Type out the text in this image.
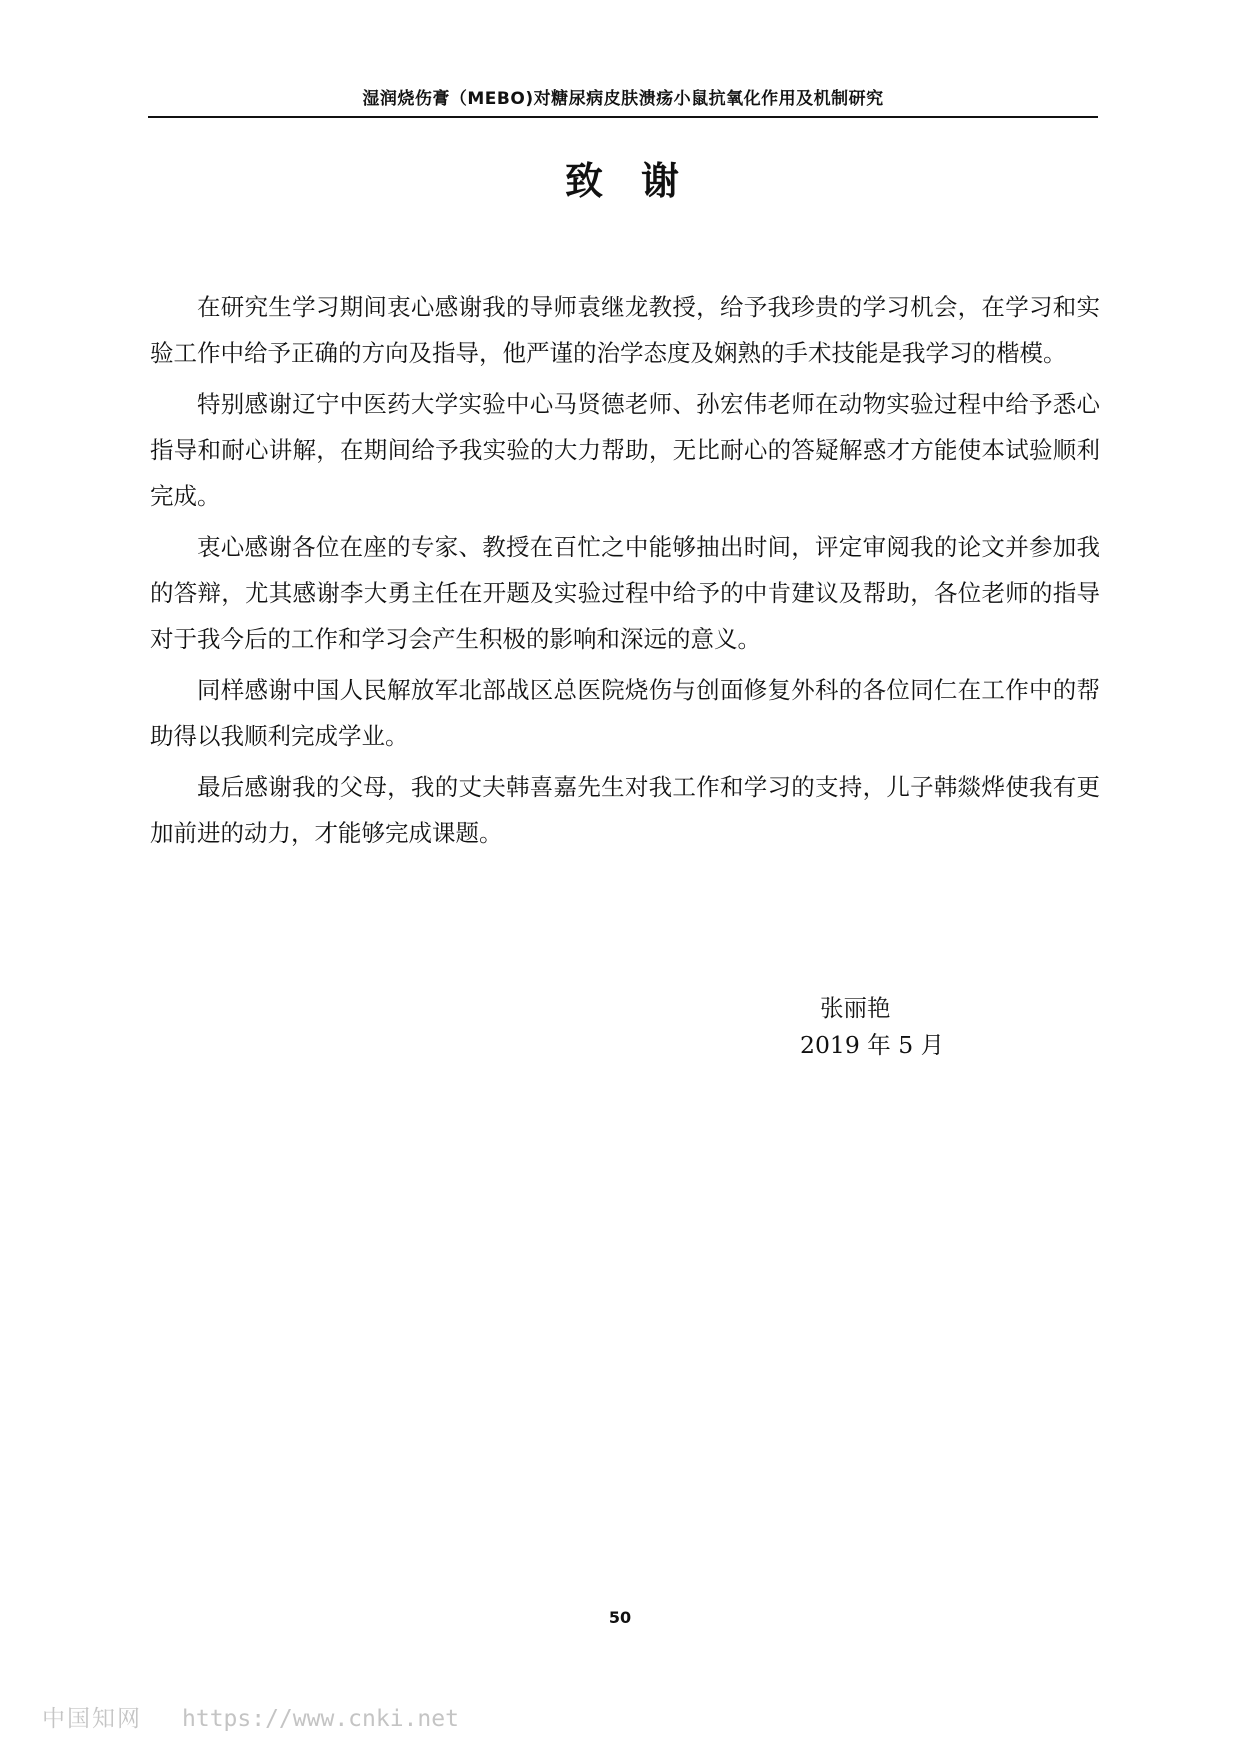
湿润烧伤膏（MEBO)对糖尿病皮肤溃疡小鼠抗氧化作用及机制研究
致 谢

在研究生学习期间衷心感谢我的导师袁继龙教授，给予我珍贵的学习机会，在学习和实验工作中给予正确的方向及指导，他严谨的治学态度及娴熟的手术技能是我学习的楷模。

特别感谢辽宁中医药大学实验中心马贤德老师、孙宏伟老师在动物实验过程中给予悉心指导和耐心讲解，在期间给予我实验的大力帮助，无比耐心的答疑解惑才方能使本试验顺利完成。

衷心感谢各位在座的专家、教授在百忙之中能够抽出时间，评定审阅我的论文并参加我的答辩，尤其感谢李大勇主任在开题及实验过程中给予的中肯建议及帮助，各位老师的指导对于我今后的工作和学习会产生积极的影响和深远的意义。

同样感谢中国人民解放军北部战区总医院烧伤与创面修复外科的各位同仁在工作中的帮助得以我顺利完成学业。

最后感谢我的父母，我的丈夫韩喜嘉先生对我工作和学习的支持，儿子韩燚烨使我有更加前进的动力，才能够完成课题。

张丽艳
2019 年 5 月
50
中国知网 https://www.cnki.net
